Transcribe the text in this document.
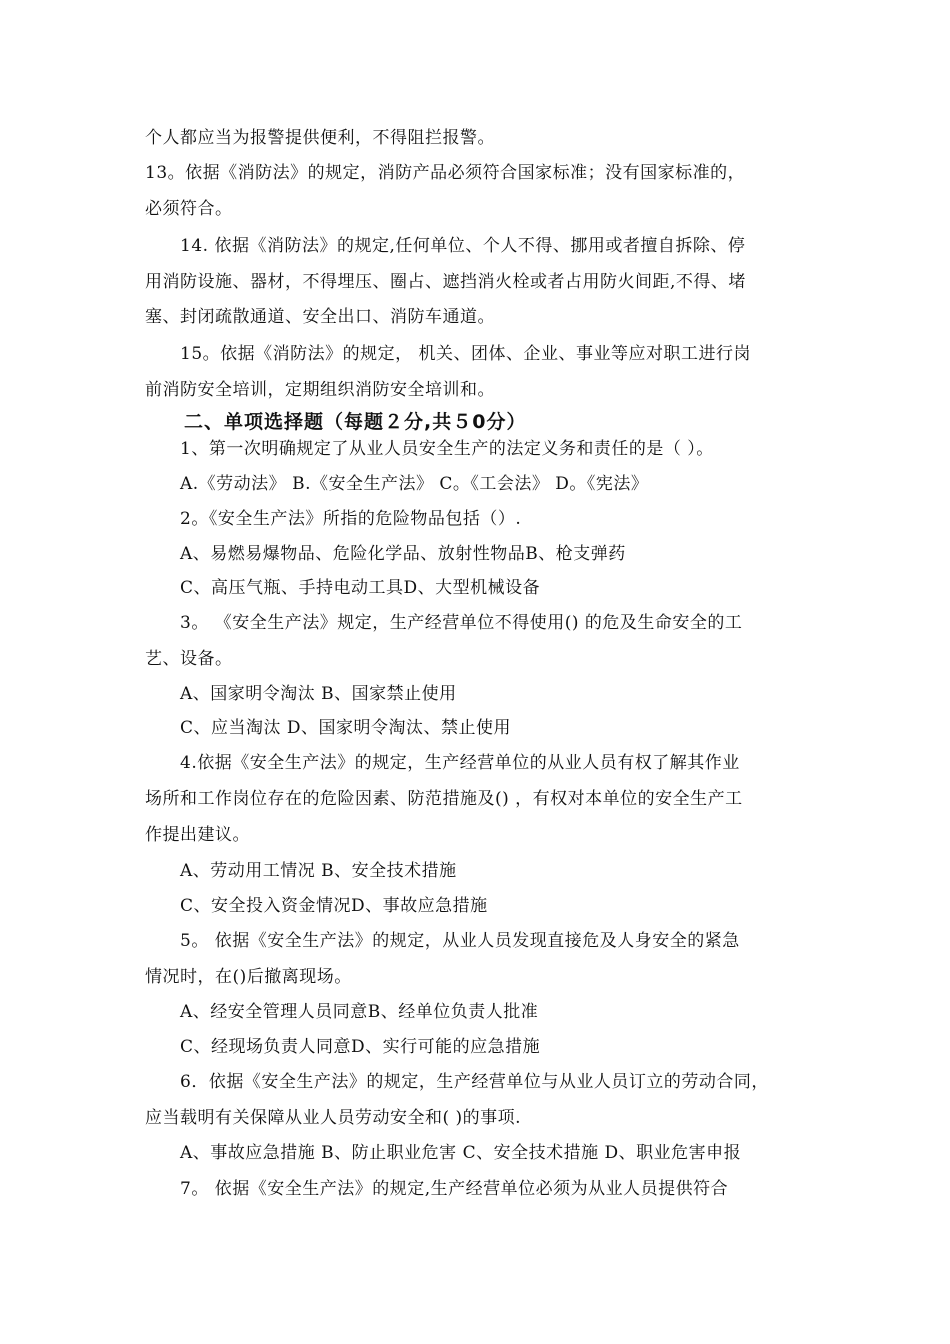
个人都应当为报警提供便利，不得阻拦报警。
13。依据《消防法》的规定，消防产品必须符合国家标准；没有国家标准的，
必须符合。
14. 依据《消防法》的规定,任何单位、个人不得、挪用或者擅自拆除、停
用消防设施、器材，不得埋压、圈占、遮挡消火栓或者占用防火间距,不得、堵
塞、封闭疏散通道、安全出口、消防车通道。
15。依据《消防法》的规定， 机关、团体、企业、事业等应对职工进行岗
前消防安全培训，定期组织消防安全培训和。
二、单项选择题（每题２分,共５0分）
1、第一次明确规定了从业人员安全生产的法定义务和责任的是（ ）。
A.《劳动法》 B.《安全生产法》 C。《工会法》 D。《宪法》
2。《安全生产法》所指的危险物品包括（）.
A、易燃易爆物品、危险化学品、放射性物品B、枪支弹药
C、高压气瓶、手持电动工具D、大型机械设备
3。 《安全生产法》规定，生产经营单位不得使用() 的危及生命安全的工
艺、设备。
A、国家明令淘汰 B、国家禁止使用
C、应当淘汰 D、国家明令淘汰、禁止使用
4.依据《安全生产法》的规定，生产经营单位的从业人员有权了解其作业
场所和工作岗位存在的危险因素、防范措施及() ，有权对本单位的安全生产工
作提出建议。
A、劳动用工情况 B、安全技术措施
C、安全投入资金情况D、事故应急措施
5。 依据《安全生产法》的规定，从业人员发现直接危及人身安全的紧急
情况时，在()后撤离现场。
A、经安全管理人员同意B、经单位负责人批准
C、经现场负责人同意D、实行可能的应急措施
6．依据《安全生产法》的规定，生产经营单位与从业人员订立的劳动合同，
应当载明有关保障从业人员劳动安全和( )的事项.
A、事故应急措施 B、防止职业危害 C、安全技术措施 D、职业危害申报
7。 依据《安全生产法》的规定,生产经营单位必须为从业人员提供符合
